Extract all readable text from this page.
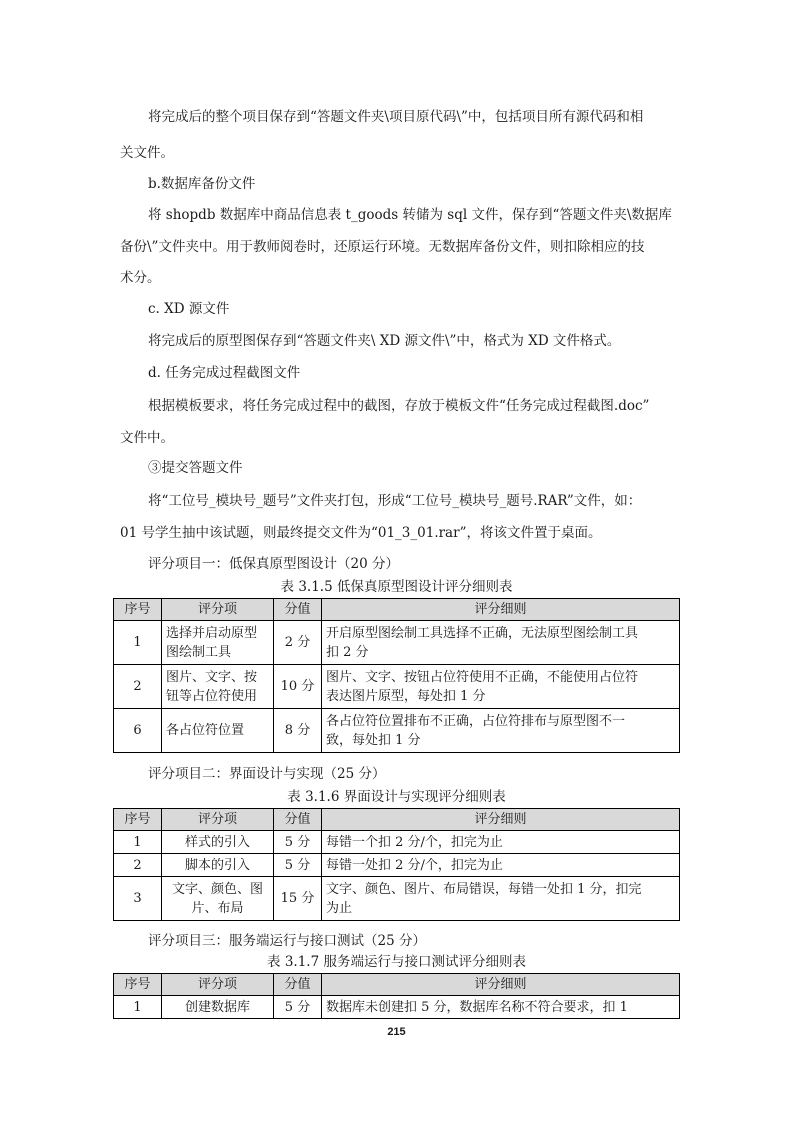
将完成后的整个项目保存到“答题文件夹\项目原代码\”中，包括项目所有源代码和相
关文件。
b.数据库备份文件
将 shopdb 数据库中商品信息表 t_goods 转储为 sql 文件，保存到“答题文件夹\数据库
备份\”文件夹中。用于教师阅卷时，还原运行环境。无数据库备份文件，则扣除相应的技
术分。
c. XD 源文件
将完成后的原型图保存到“答题文件夹\ XD 源文件\”中，格式为 XD 文件格式。
d. 任务完成过程截图文件
根据模板要求，将任务完成过程中的截图，存放于模板文件“任务完成过程截图.doc”
文件中。
③提交答题文件
将“工位号_模块号_题号”文件夹打包，形成“工位号_模块号_题号.RAR”文件，如：
01 号学生抽中该试题，则最终提交文件为“01_3_01.rar”，将该文件置于桌面。
评分项目一：低保真原型图设计（20 分）
表 3.1.5 低保真原型图设计评分细则表
序号	评分项	分值	评分细则
1	选择并启动原型
图绘制工具	2 分	开启原型图绘制工具选择不正确，无法原型图绘制工具
扣 2 分
2	图片、文字、按
钮等占位符使用	10 分	图片、文字、按钮占位符使用不正确，不能使用占位符
表达图片原型，每处扣 1 分
6	各占位符位置	8 分	各占位符位置排布不正确，占位符排布与原型图不一
致，每处扣 1 分
评分项目二：界面设计与实现（25 分）
表 3.1.6 界面设计与实现评分细则表
序号	评分项	分值	评分细则
1	样式的引入	5 分	每错一个扣 2 分/个，扣完为止
2	脚本的引入	5 分	每错一处扣 2 分/个，扣完为止
3	文字、颜色、图
片、布局	15 分	文字、颜色、图片、布局错误，每错一处扣 1 分，扣完
为止
评分项目三：服务端运行与接口测试（25 分）
表 3.1.7 服务端运行与接口测试评分细则表
序号	评分项	分值	评分细则
1	创建数据库	5 分	数据库未创建扣 5 分，数据库名称不符合要求，扣 1
215
